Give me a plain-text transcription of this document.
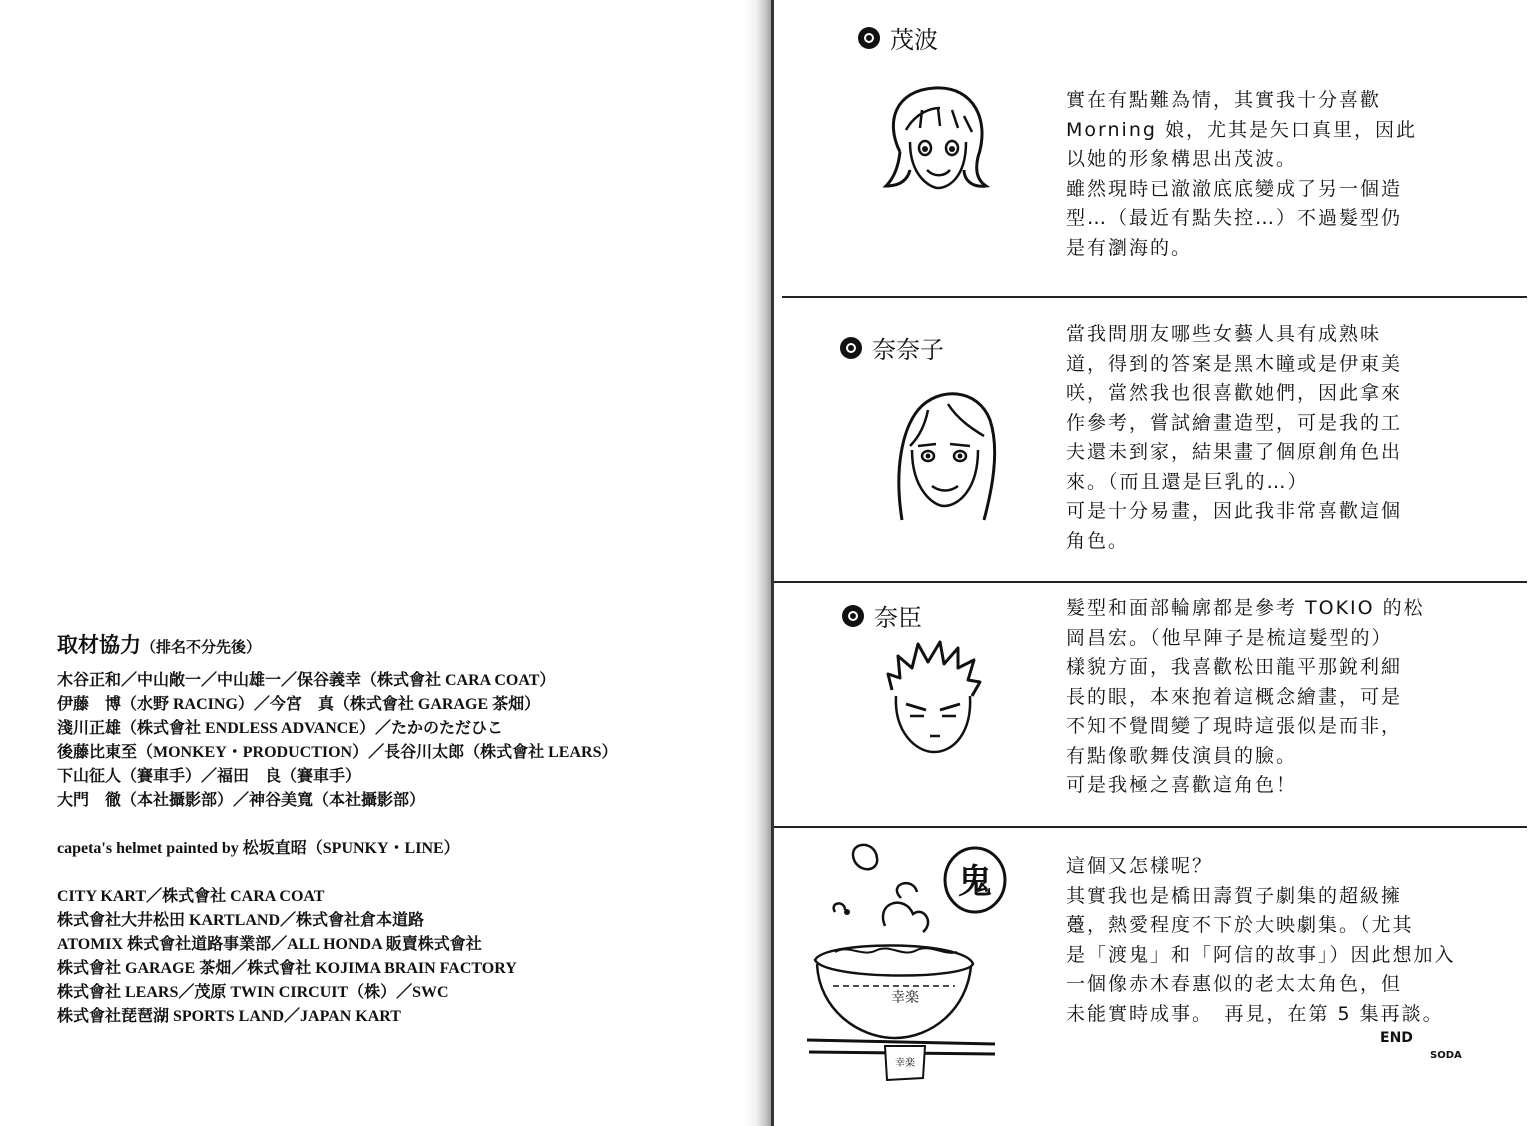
取材協力（排名不分先後）
木谷正和／中山敞一／中山雄一／保谷義幸（株式會社 CARA COAT）
伊藤　博（水野 RACING）／今宮　真（株式會社 GARAGE 茶畑）
淺川正雄（株式會社 ENDLESS ADVANCE）／たかのただひこ
後藤比東至（MONKEY・PRODUCTION）／長谷川太郎（株式會社 LEARS）
下山征人（賽車手）／福田　良（賽車手）
大門　徹（本社攝影部）／神谷美寬（本社攝影部）
capeta's helmet painted by 松坂直昭（SPUNKY・LINE）
CITY KART／株式會社 CARA COAT
株式會社大井松田 KARTLAND／株式會社倉本道路
ATOMIX 株式會社道路事業部／ALL HONDA 販賣株式會社
株式會社 GARAGE 茶畑／株式會社 KOJIMA BRAIN FACTORY
株式會社 LEARS／茂原 TWIN CIRCUIT（株）／SWC
株式會社琵琶湖 SPORTS LAND／JAPAN KART
茂波
實在有點難為情，其實我十分喜歡
Morning 娘，尤其是矢口真里，因此
以她的形象構思出茂波。
雖然現時已澈澈底底變成了另一個造
型…（最近有點失控…）不過髮型仍
是有瀏海的。
奈奈子
當我問朋友哪些女藝人具有成熟味
道，得到的答案是黑木瞳或是伊東美
咲，當然我也很喜歡她們，因此拿來
作參考，嘗試繪畫造型，可是我的工
夫還未到家，結果畫了個原創角色出
來。（而且還是巨乳的…）
可是十分易畫，因此我非常喜歡這個
角色。
奈臣	髮型和面部輪廓都是參考 TOKIO 的松
岡昌宏。（他早陣子是梳這髮型的）
樣貌方面，我喜歡松田龍平那銳利細
長的眼，本來抱着這概念繪畫，可是
不知不覺間變了現時這張似是而非，
有點像歌舞伎演員的臉。
可是我極之喜歡這角色！
鬼
幸楽
幸楽
這個又怎樣呢？
其實我也是橋田壽賀子劇集的超級擁
躉，熱愛程度不下於大映劇集。（尤其
是「渡鬼」和「阿信的故事」）因此想加入
一個像赤木春惠似的老太太角色，但
未能實時成事。　再見，在第 5 集再談。
END
SODA
